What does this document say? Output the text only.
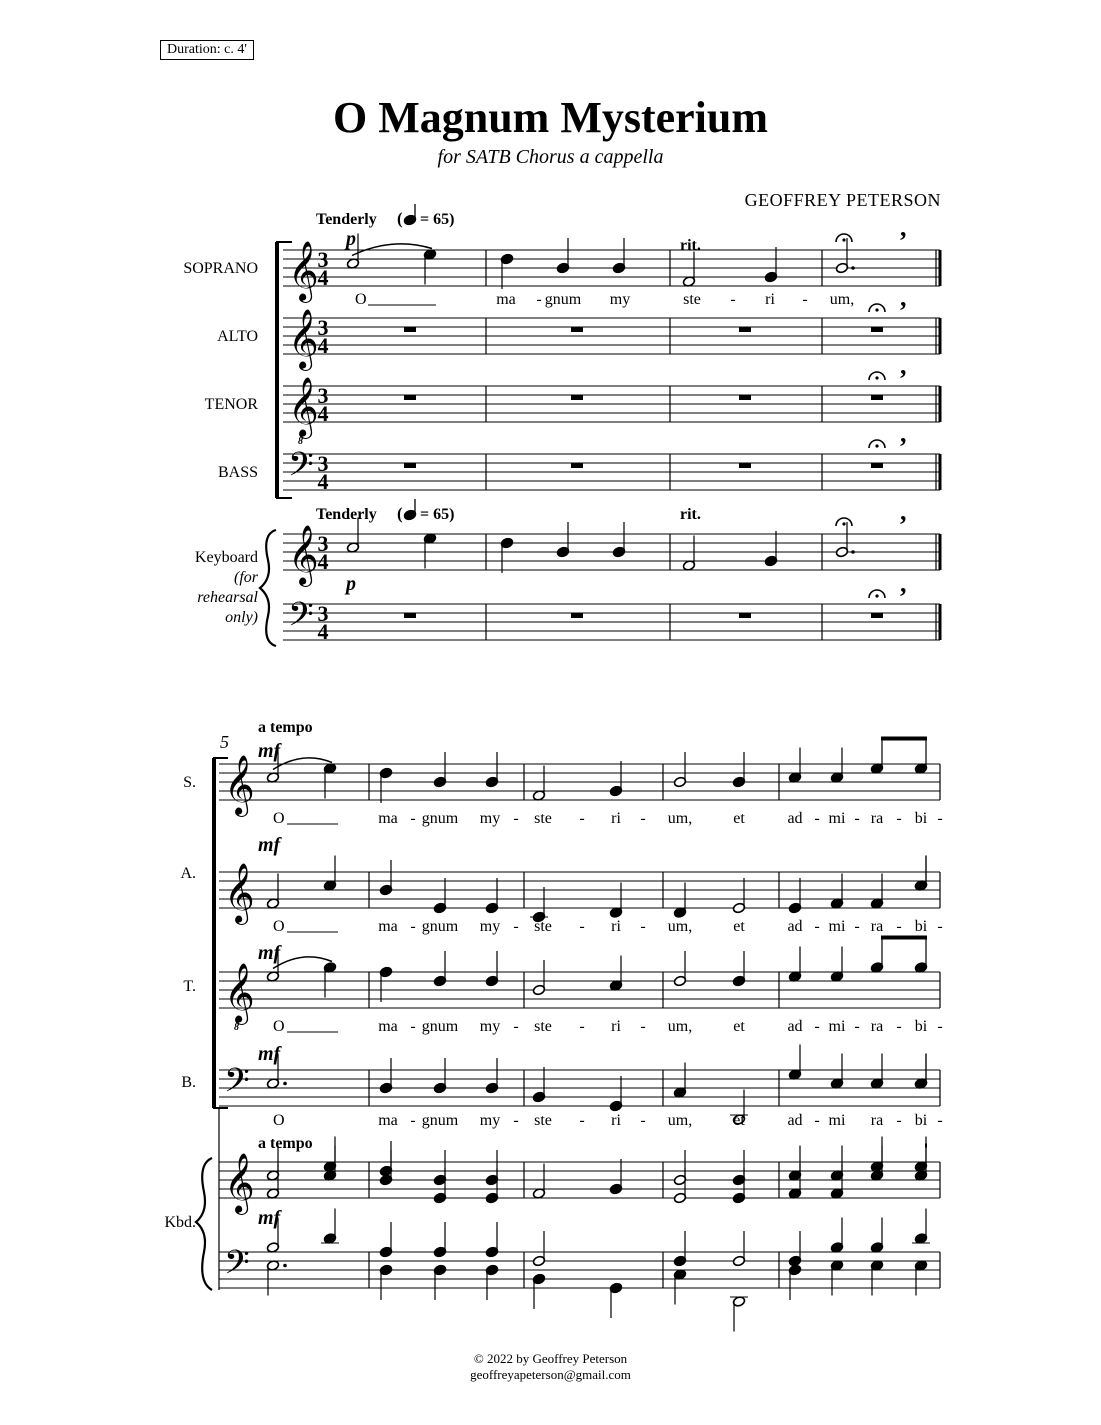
Duration: c. 4'
O Magnum Mysterium
for SATB Chorus a cappella
GEOFFREY PETERSON
𝄞
3
4
𝄞
3
4
𝄞
8
3
4
𝄢 3
4
𝄞
3
4
𝄢 3
4
SOPRANO
ALTO
TENOR
BASS
Keyboard
(for
rehearsal
only)
Tenderly ( = 65)
Tenderly ( = 65)
rit.
rit.
p
p
,
,
,
,
,
,
O	ma - gnum my	ste - ri - um,
𝄞
𝄞
𝄞
8
𝄢
𝄞
𝄢
S.
A.
T.
B.
Kbd.
5
a tempo
a tempo
mf
mf
mf
mf
mf
O	ma - gnum my - ste - ri - um,	et	ad - mi - ra - bi -
O	ma - gnum my - ste - ri - um,	et	ad - mi - ra - bi -
O	ma - gnum my - ste - ri - um,	et	ad - mi - ra - bi -
O	ma - gnum my - ste - ri - um,	et	ad - mi ra - bi -
© 2022 by Geoffrey Peterson
geoffreyapeterson@gmail.com
